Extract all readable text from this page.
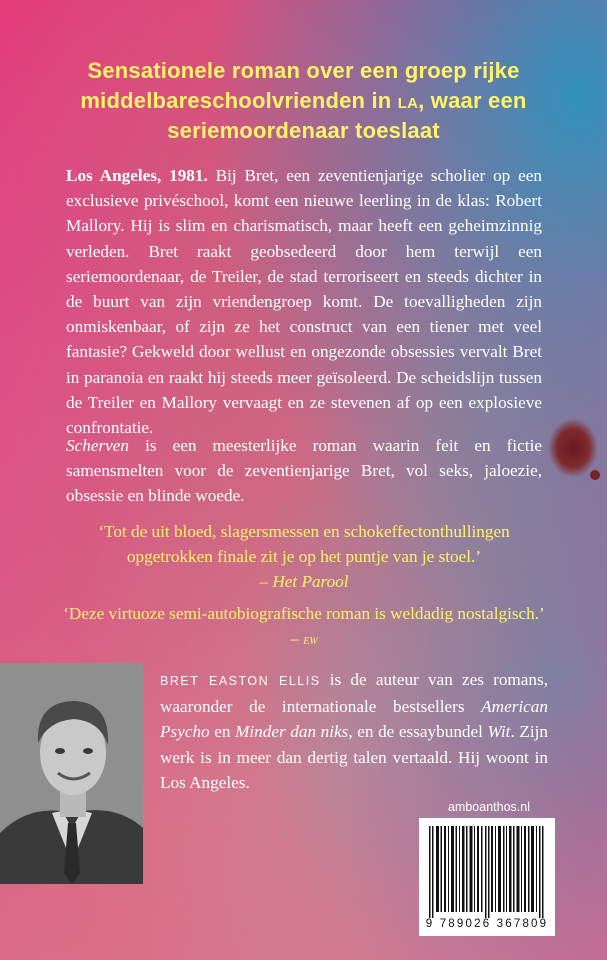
Sensationele roman over een groep rijke
middelbareschoolvrienden in la, waar een
seriemoordenaar toeslaat
Los Angeles, 1981. Bij Bret, een zeventienjarige scholier op een exclusieve privéschool, komt een nieuwe leerling in de klas: Robert Mallory. Hij is slim en charismatisch, maar heeft een geheimzinnig verleden. Bret raakt geobsedeerd door hem terwijl een seriemoordenaar, de Treiler, de stad terroriseert en steeds dichter in de buurt van zijn vriendengroep komt. De toevalligheden zijn onmiskenbaar, of zijn ze het construct van een tiener met veel fantasie? Gekweld door wellust en ongezonde obsessies vervalt Bret in paranoia en raakt hij steeds meer geïsoleerd. De scheidslijn tussen de Treiler en Mallory vervaagt en ze stevenen af op een explosieve confrontatie.
Scherven is een meesterlijke roman waarin feit en fictie samensmelten voor de zeventienjarige Bret, vol seks, jaloezie, obsessie en blinde woede.
‘Tot de uit bloed, slagersmessen en schokeffectonthullingen opgetrokken finale zit je op het puntje van je stoel.’
– Het Parool
‘Deze virtuoze semi-autobiografische roman is weldadig nostalgisch.’ – ew
BRET EASTON ELLIS is de auteur van zes romans, waaronder de internationale bestsellers American Psycho en Minder dan niks, en de essaybundel Wit. Zijn werk is in meer dan dertig talen vertaald. Hij woont in Los Angeles.
amboanthos.nl
9 789026 367809
